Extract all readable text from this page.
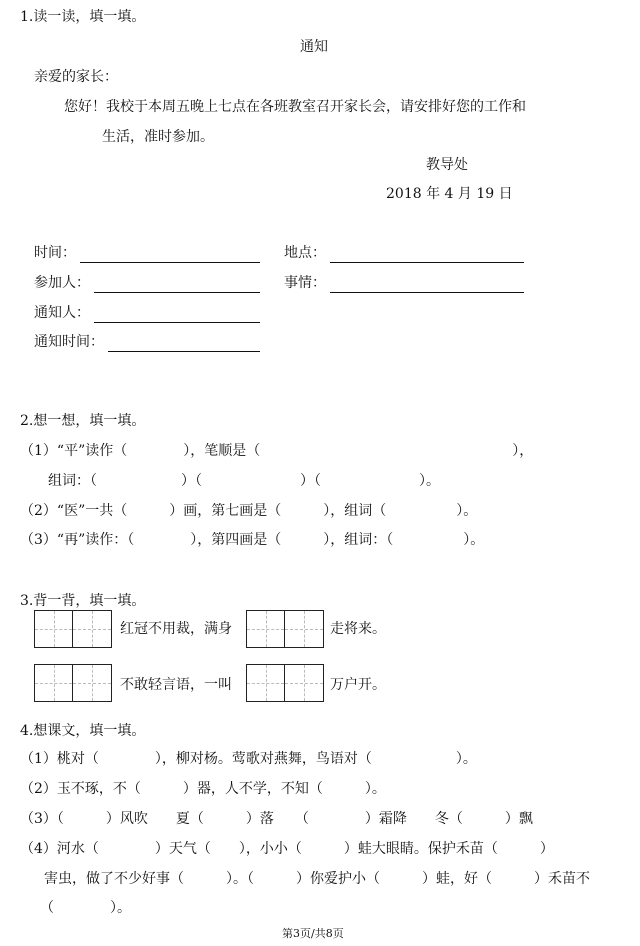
1.读一读，填一填。
通知
亲爱的家长：
您好！我校于本周五晚上七点在各班教室召开家长会，请安排好您的工作和
生活，准时参加。
教导处
2018 年 4 月 19 日
时间：	地点：
参加人：	事情：
通知人：
通知时间：
2.想一想，填一填。
（1）“平”读作（　　　　），笔顺是（　　　　　　　　　　　　　　　　　　），
组词：（　　　　　　）（　　　　　　　）（　　　　　　　）。
（2）“医”一共（　　　）画，第七画是（　　　），组词（　　　　　）。
（3）“再”读作：（　　　　），第四画是（　　　），组词：（　　　　　）。
3.背一背，填一填。
红冠不用裁，满身	走将来。
不敢轻言语，一叫	万户开。
4.想课文，填一填。
（1）桃对（　　　　），柳对杨。莺歌对燕舞，鸟语对（　　　　　　）。
（2）玉不琢，不（　　　）器，人不学，不知（　　　）。
（3）（　　　）风吹　　夏（　　　）落　　（　　　　）霜降　　冬（　　　）飘
（4）河水（　　　　）天气（　　），小小（　　　）蛙大眼睛。保护禾苗（　　　）
害虫，做了不少好事（　　　）。（　　　）你爱护小（　　　）蛙，好（　　　）禾苗不
（　　　　）。
第3页/共8页
